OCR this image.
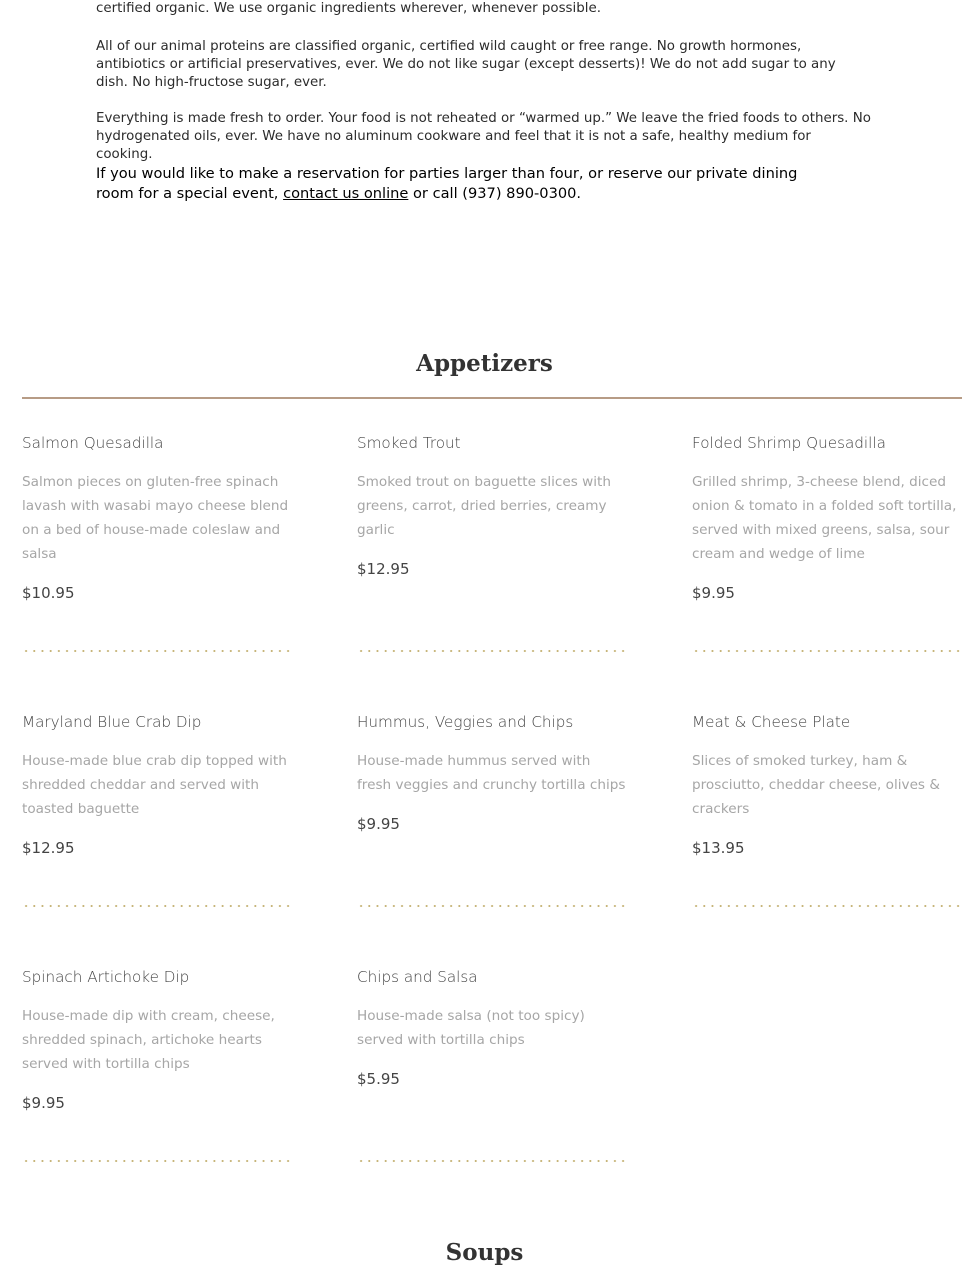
certified organic. We use organic ingredients wherever, whenever possible.

All of our animal proteins are classified organic, certified wild caught or free range. No growth hormones, antibiotics or artificial preservatives, ever. We do not like sugar (except desserts)! We do not add sugar to any dish. No high-fructose sugar, ever.

Everything is made fresh to order. Your food is not reheated or “warmed up.” We leave the fried foods to others. No hydrogenated oils, ever. We have no aluminum cookware and feel that it is not a safe, healthy medium for cooking.

If you would like to make a reservation for parties larger than four, or reserve our private dining room for a special event, contact us online or call (937) 890-0300.

Appetizers
Salmon Quesadilla
Salmon pieces on gluten-free spinach lavash with wasabi mayo cheese blend on a bed of house-made coleslaw and salsa
$10.95
Smoked Trout
Smoked trout on baguette slices with greens, carrot, dried berries, creamy garlic
$12.95
Folded Shrimp Quesadilla
Grilled shrimp, 3-cheese blend, diced onion & tomato in a folded soft tortilla, served with mixed greens, salsa, sour cream and wedge of lime
$9.95
Maryland Blue Crab Dip
House-made blue crab dip topped with shredded cheddar and served with toasted baguette
$12.95
Hummus, Veggies and Chips
House-made hummus served with fresh veggies and crunchy tortilla chips
$9.95
Meat & Cheese Plate
Slices of smoked turkey, ham & prosciutto, cheddar cheese, olives & crackers
$13.95
Spinach Artichoke Dip
House-made dip with cream, cheese, shredded spinach, artichoke hearts served with tortilla chips
$9.95
Chips and Salsa
House-made salsa (not too spicy) served with tortilla chips
$5.95
Soups
